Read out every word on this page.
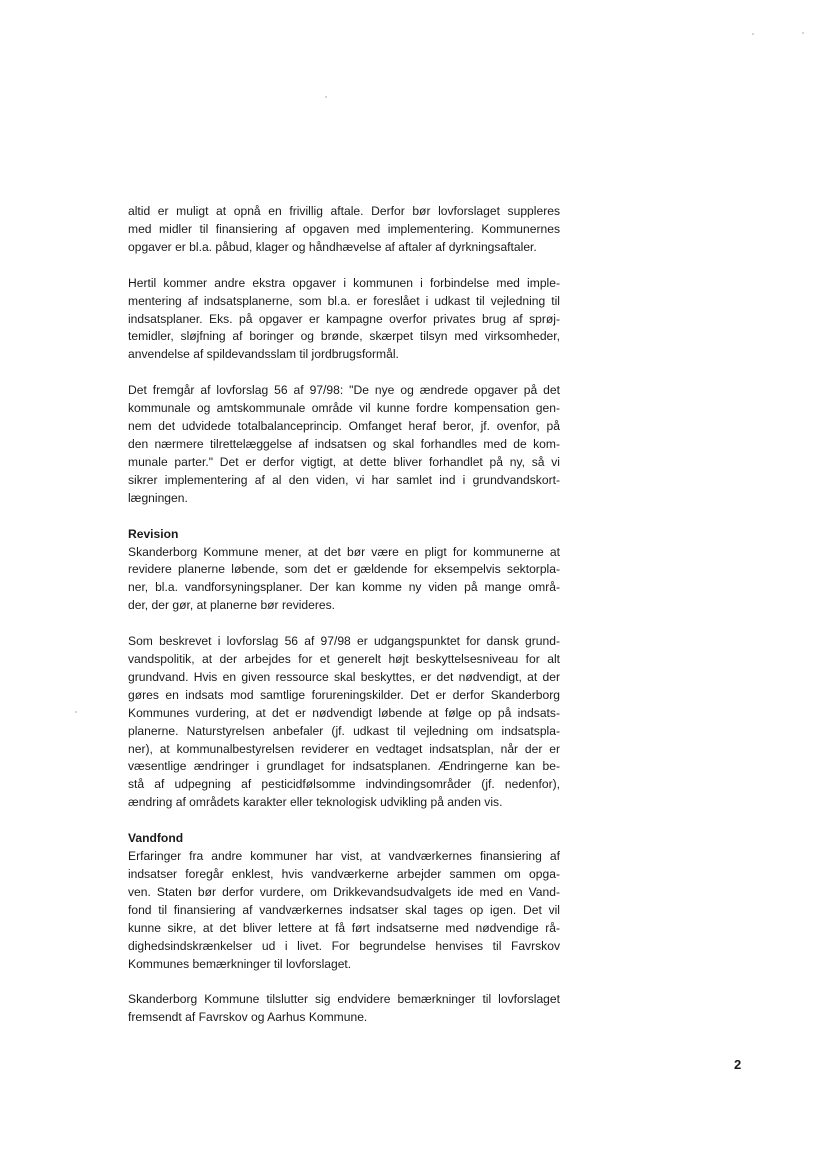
altid er muligt at opnå en frivillig aftale. Derfor bør lovforslaget suppleres
med midler til finansiering af opgaven med implementering. Kommunernes
opgaver er bl.a. påbud, klager og håndhævelse af aftaler af dyrkningsaftaler.
Hertil kommer andre ekstra opgaver i kommunen i forbindelse med imple-
mentering af indsatsplanerne, som bl.a. er foreslået i udkast til vejledning til
indsatsplaner. Eks. på opgaver er kampagne overfor privates brug af sprøj-
temidler, sløjfning af boringer og brønde, skærpet tilsyn med virksomheder,
anvendelse af spildevandsslam til jordbrugsformål.
Det fremgår af lovforslag 56 af 97/98: "De nye og ændrede opgaver på det
kommunale og amtskommunale område vil kunne fordre kompensation gen-
nem det udvidede totalbalanceprincip. Omfanget heraf beror, jf. ovenfor, på
den nærmere tilrettelæggelse af indsatsen og skal forhandles med de kom-
munale parter." Det er derfor vigtigt, at dette bliver forhandlet på ny, så vi
sikrer implementering af al den viden, vi har samlet ind i grundvandskort-
lægningen.
Revision
Skanderborg Kommune mener, at det bør være en pligt for kommunerne at
revidere planerne løbende, som det er gældende for eksempelvis sektorpla-
ner, bl.a. vandforsyningsplaner. Der kan komme ny viden på mange områ-
der, der gør, at planerne bør revideres.
Som beskrevet i lovforslag 56 af 97/98 er udgangspunktet for dansk grund-
vandspolitik, at der arbejdes for et generelt højt beskyttelsesniveau for alt
grundvand. Hvis en given ressource skal beskyttes, er det nødvendigt, at der
gøres en indsats mod samtlige forureningskilder. Det er derfor Skanderborg
Kommunes vurdering, at det er nødvendigt løbende at følge op på indsats-
planerne. Naturstyrelsen anbefaler (jf. udkast til vejledning om indsatspla-
ner), at kommunalbestyrelsen reviderer en vedtaget indsatsplan, når der er
væsentlige ændringer i grundlaget for indsatsplanen. Ændringerne kan be-
stå af udpegning af pesticidfølsomme indvindingsområder (jf. nedenfor),
ændring af områdets karakter eller teknologisk udvikling på anden vis.
Vandfond
Erfaringer fra andre kommuner har vist, at vandværkernes finansiering af
indsatser foregår enklest, hvis vandværkerne arbejder sammen om opga-
ven. Staten bør derfor vurdere, om Drikkevandsudvalgets ide med en Vand-
fond til finansiering af vandværkernes indsatser skal tages op igen. Det vil
kunne sikre, at det bliver lettere at få ført indsatserne med nødvendige rå-
dighedsindskrænkelser ud i livet. For begrundelse henvises til Favrskov
Kommunes bemærkninger til lovforslaget.
Skanderborg Kommune tilslutter sig endvidere bemærkninger til lovforslaget
fremsendt af Favrskov og Aarhus Kommune.
2
